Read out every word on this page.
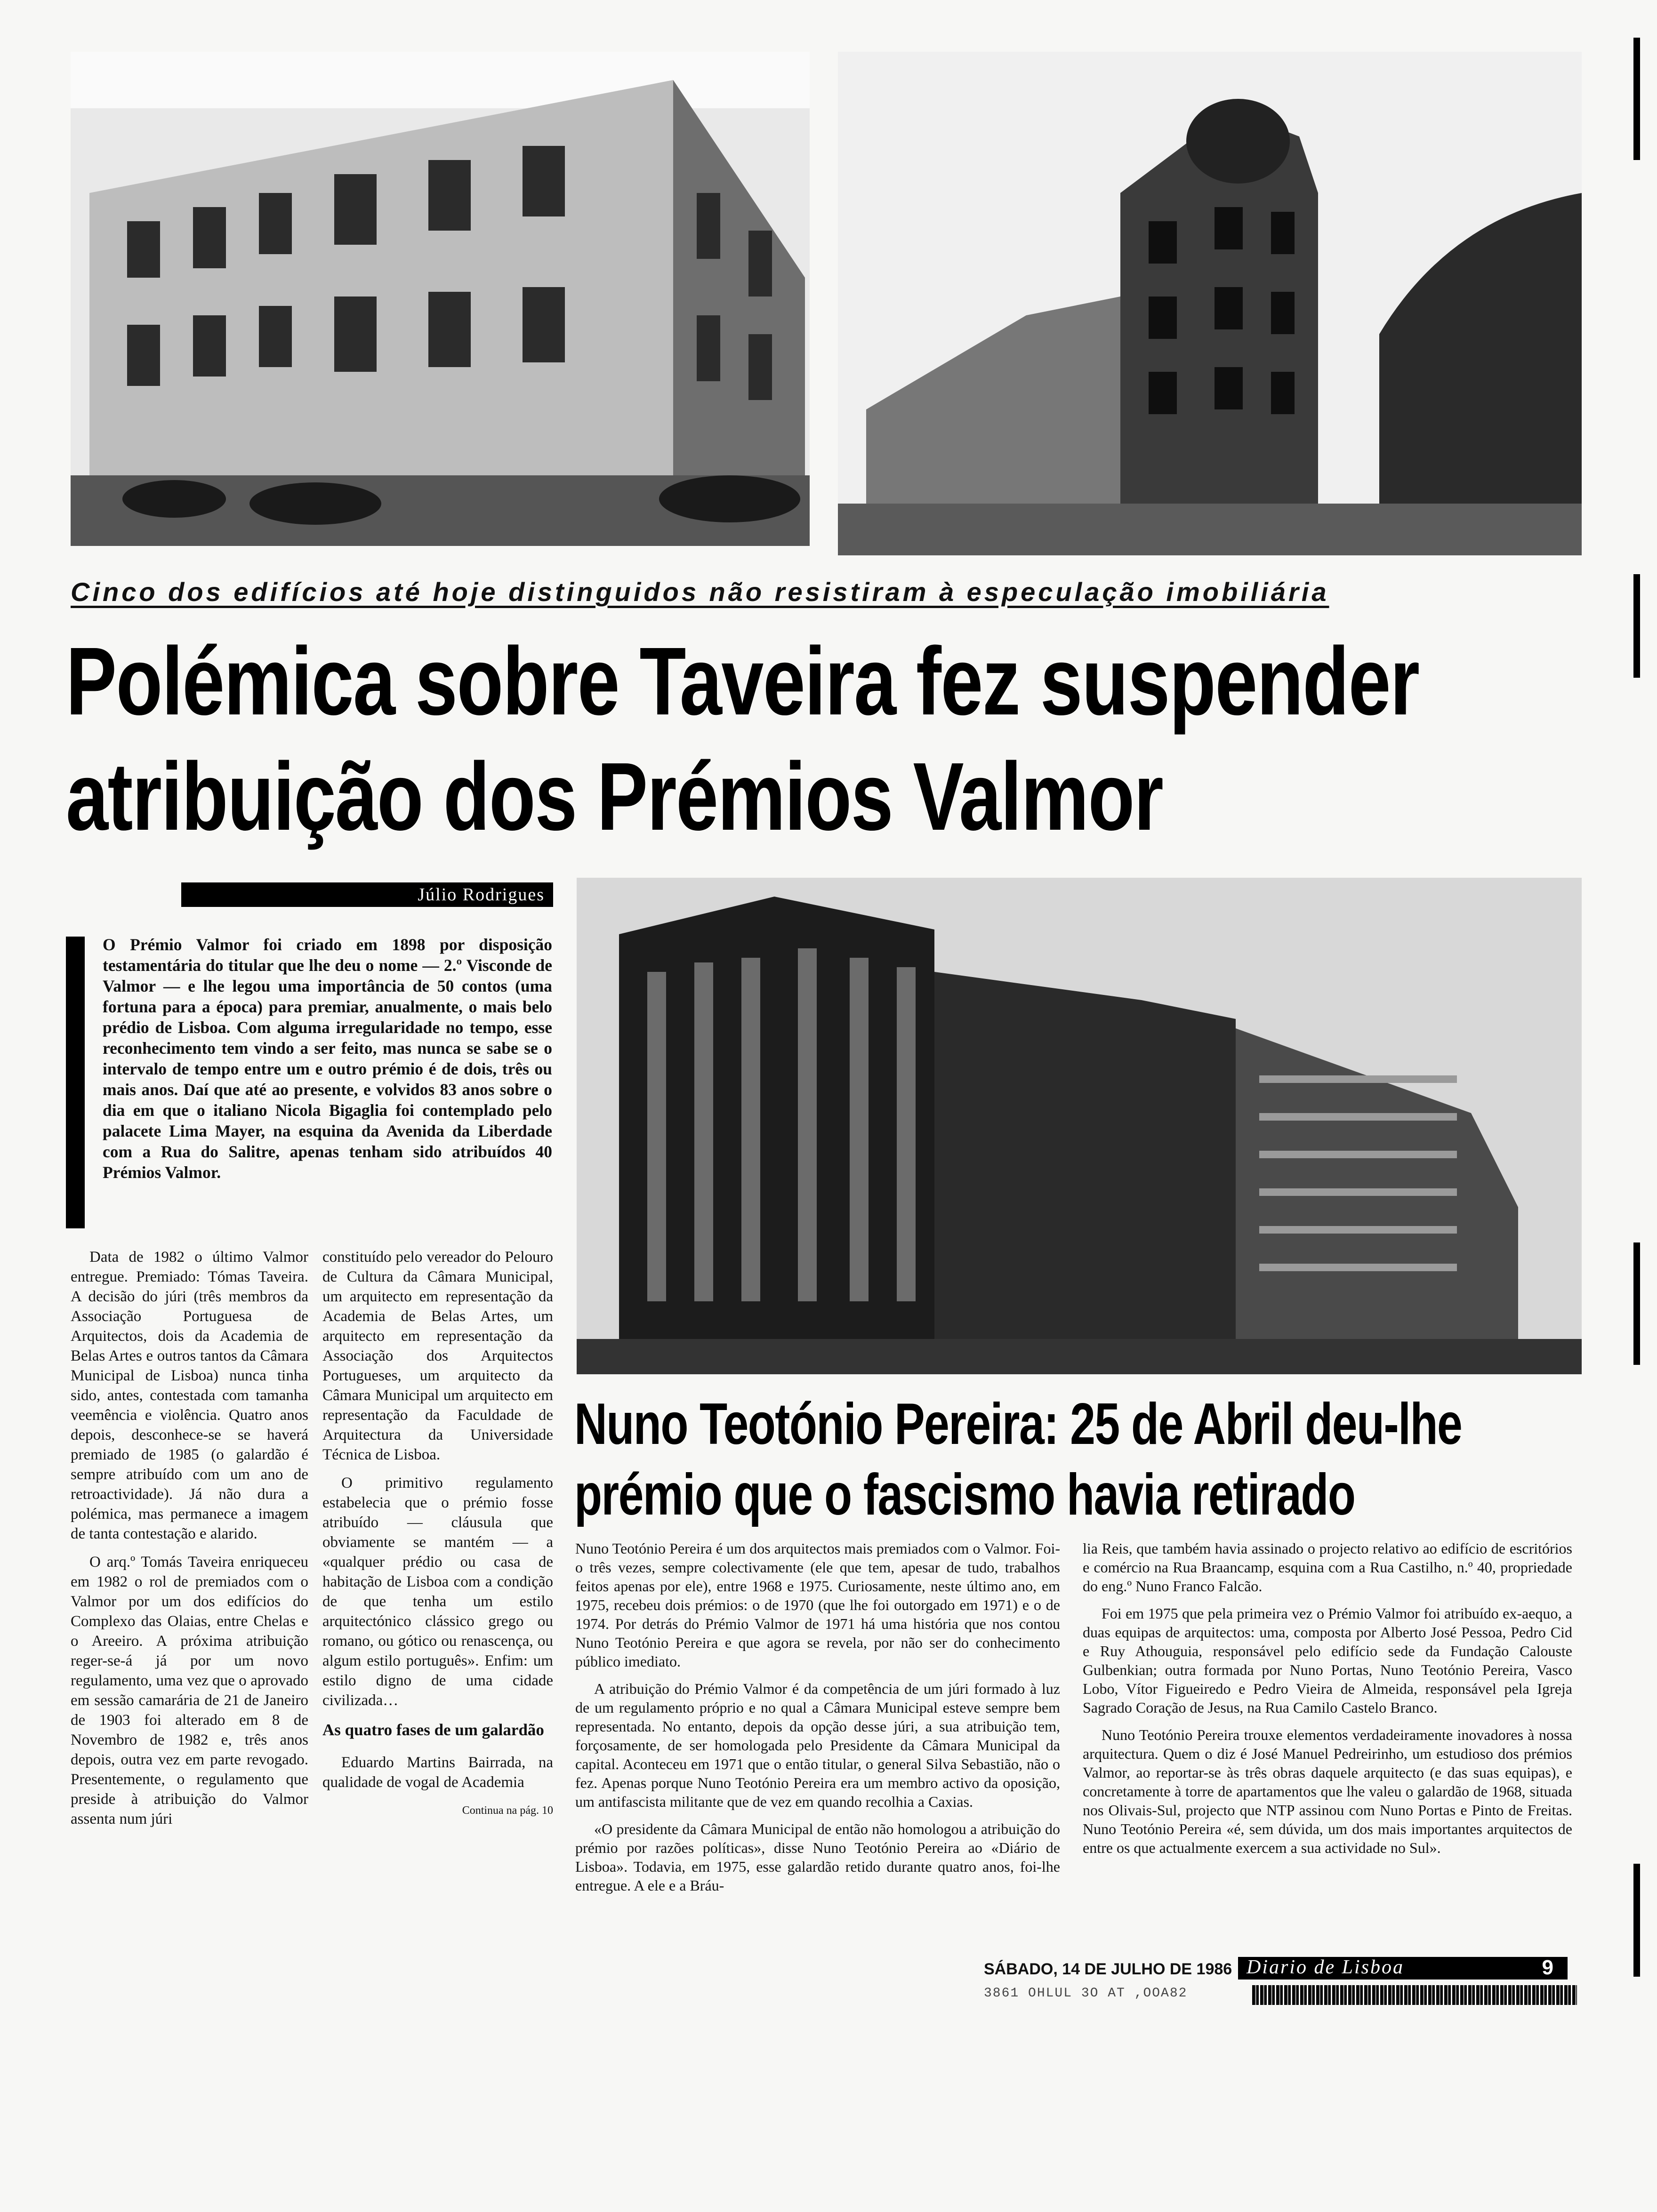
Cinco dos edifícios até hoje distinguidos não resistiram à especulação imobiliária
Polémica sobre Taveira fez suspender
atribuição dos Prémios Valmor
Júlio Rodrigues
O Prémio Valmor foi criado em 1898 por disposição testamentária do titular que lhe deu o nome — 2.º Visconde de Valmor — e lhe legou uma importância de 50 contos (uma fortuna para a época) para premiar, anualmente, o mais belo prédio de Lisboa. Com alguma irregularidade no tempo, esse reconhecimento tem vindo a ser feito, mas nunca se sabe se o intervalo de tempo entre um e outro prémio é de dois, três ou mais anos. Daí que até ao presente, e volvidos 83 anos sobre o dia em que o italiano Nicola Bigaglia foi contemplado pelo palacete Lima Mayer, na esquina da Avenida da Liberdade com a Rua do Salitre, apenas tenham sido atribuídos 40 Prémios Valmor.

Data de 1982 o último Valmor entregue. Premiado: Tómas Taveira. A decisão do júri (três membros da Associação Portuguesa de Arquitectos, dois da Academia de Belas Artes e outros tantos da Câmara Municipal de Lisboa) nunca tinha sido, antes, contestada com tamanha veemência e violência. Quatro anos depois, desconhece-se se haverá premiado de 1985 (o galardão é sempre atribuído com um ano de retroactividade). Já não dura a polémica, mas permanece a imagem de tanta contestação e alarido.

O arq.º Tomás Taveira enriqueceu em 1982 o rol de premiados com o Valmor por um dos edifícios do Complexo das Olaias, entre Chelas e o Areeiro. A próxima atribuição reger-se-á já por um novo regulamento, uma vez que o aprovado em sessão camarária de 21 de Janeiro de 1903 foi alterado em 8 de Novembro de 1982 e, três anos depois, outra vez em parte revogado. Presentemente, o regulamento que preside à atribuição do Valmor assenta num júri

constituído pelo vereador do Pelouro de Cultura da Câmara Municipal, um arquitecto em representação da Academia de Belas Artes, um arquitecto em representação da Associação dos Arquitectos Portugueses, um arquitecto da Câmara Municipal um arquitecto em representação da Faculdade de Arquitectura da Universidade Técnica de Lisboa.

O primitivo regulamento estabelecia que o prémio fosse atribuído — cláusula que obviamente se mantém — a «qualquer prédio ou casa de habitação de Lisboa com a condição de que tenha um estilo arquitectónico clássico grego ou romano, ou gótico ou renascença, ou algum estilo português». Enfim: um estilo digno de uma cidade civilizada…

As quatro fases de um galardão

Eduardo Martins Bairrada, na qualidade de vogal de Academia

Continua na pág. 10
Nuno Teotónio Pereira: 25 de Abril deu-lhe
prémio que o fascismo havia retirado

Nuno Teotónio Pereira é um dos arquitectos mais premiados com o Valmor. Foi-o três vezes, sempre colectivamente (ele que tem, apesar de tudo, trabalhos feitos apenas por ele), entre 1968 e 1975. Curiosamente, neste último ano, em 1975, recebeu dois prémios: o de 1970 (que lhe foi outorgado em 1971) e o de 1974. Por detrás do Prémio Valmor de 1971 há uma história que nos contou Nuno Teotónio Pereira e que agora se revela, por não ser do conhecimento público imediato.

A atribuição do Prémio Valmor é da competência de um júri formado à luz de um regulamento próprio e no qual a Câmara Municipal esteve sempre bem representada. No entanto, depois da opção desse júri, a sua atribuição tem, forçosamente, de ser homologada pelo Presidente da Câmara Municipal da capital. Aconteceu em 1971 que o então titular, o general Silva Sebastião, não o fez. Apenas porque Nuno Teotónio Pereira era um membro activo da oposição, um antifascista militante que de vez em quando recolhia a Caxias.

«O presidente da Câmara Municipal de então não homologou a atribuição do prémio por razões políticas», disse Nuno Teotónio Pereira ao «Diário de Lisboa». Todavia, em 1975, esse galardão retido durante quatro anos, foi-lhe entregue. A ele e a Bráu-

lia Reis, que também havia assinado o projecto relativo ao edifício de escritórios e comércio na Rua Braancamp, esquina com a Rua Castilho, n.º 40, propriedade do eng.º Nuno Franco Falcão.

Foi em 1975 que pela primeira vez o Prémio Valmor foi atribuído ex-aequo, a duas equipas de arquitectos: uma, composta por Alberto José Pessoa, Pedro Cid e Ruy Athouguia, responsável pelo edifício sede da Fundação Calouste Gulbenkian; outra formada por Nuno Portas, Nuno Teotónio Pereira, Vasco Lobo, Vítor Figueiredo e Pedro Vieira de Almeida, responsável pela Igreja Sagrado Coração de Jesus, na Rua Camilo Castelo Branco.

Nuno Teotónio Pereira trouxe elementos verdadeiramente inovadores à nossa arquitectura. Quem o diz é José Manuel Pedreirinho, um estudioso dos prémios Valmor, ao reportar-se às três obras daquele arquitecto (e das suas equipas), e concretamente à torre de apartamentos que lhe valeu o galardão de 1968, situada nos Olivais-Sul, projecto que NTP assinou com Nuno Portas e Pinto de Freitas. Nuno Teotónio Pereira «é, sem dúvida, um dos mais importantes arquitectos de entre os que actualmente exercem a sua actividade no Sul».

SÁBADO, 14 DE JULHO DE 1986 Diario de Lisboa	9
3861 OHLUL 3O AT ,OOA82
